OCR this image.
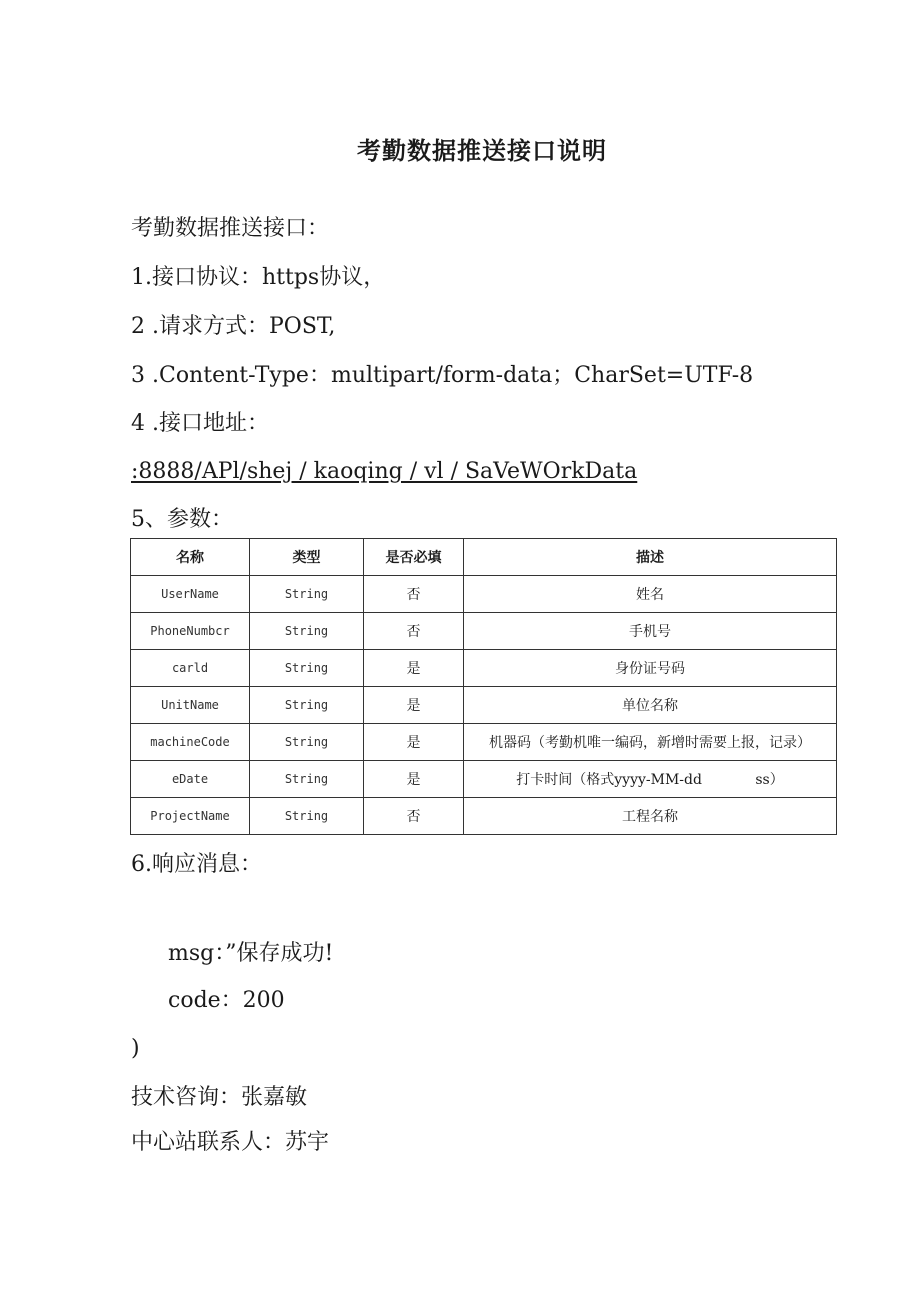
考勤数据推送接口说明
考勤数据推送接口：
1.接口协议：https协议，
2 .请求方式：POST,
3 .Content-Type：multipart/form-data；CharSet=UTF-8
4 .接口地址：
:8888/APl/shej / kaoqing / vl / SaVeWOrkData
5、参数：
名称	类型	是否必填	描述
UserName	String	否	姓名
PhoneNumbcr	String	否	手机号
carld	String	是	身份证号码
UnitName	String	是	单位名称
machineCode	String	是	机器码（考勤机唯一编码，新增时需要上报，记录）
eDate	String	是	打卡时间（格式yyyy-MM-dd            ss）
ProjectName	String	否	工程名称
6.响应消息：
msg：”保存成功!
code：200
)
技术咨询：张嘉敏
中心站联系人：苏宇
